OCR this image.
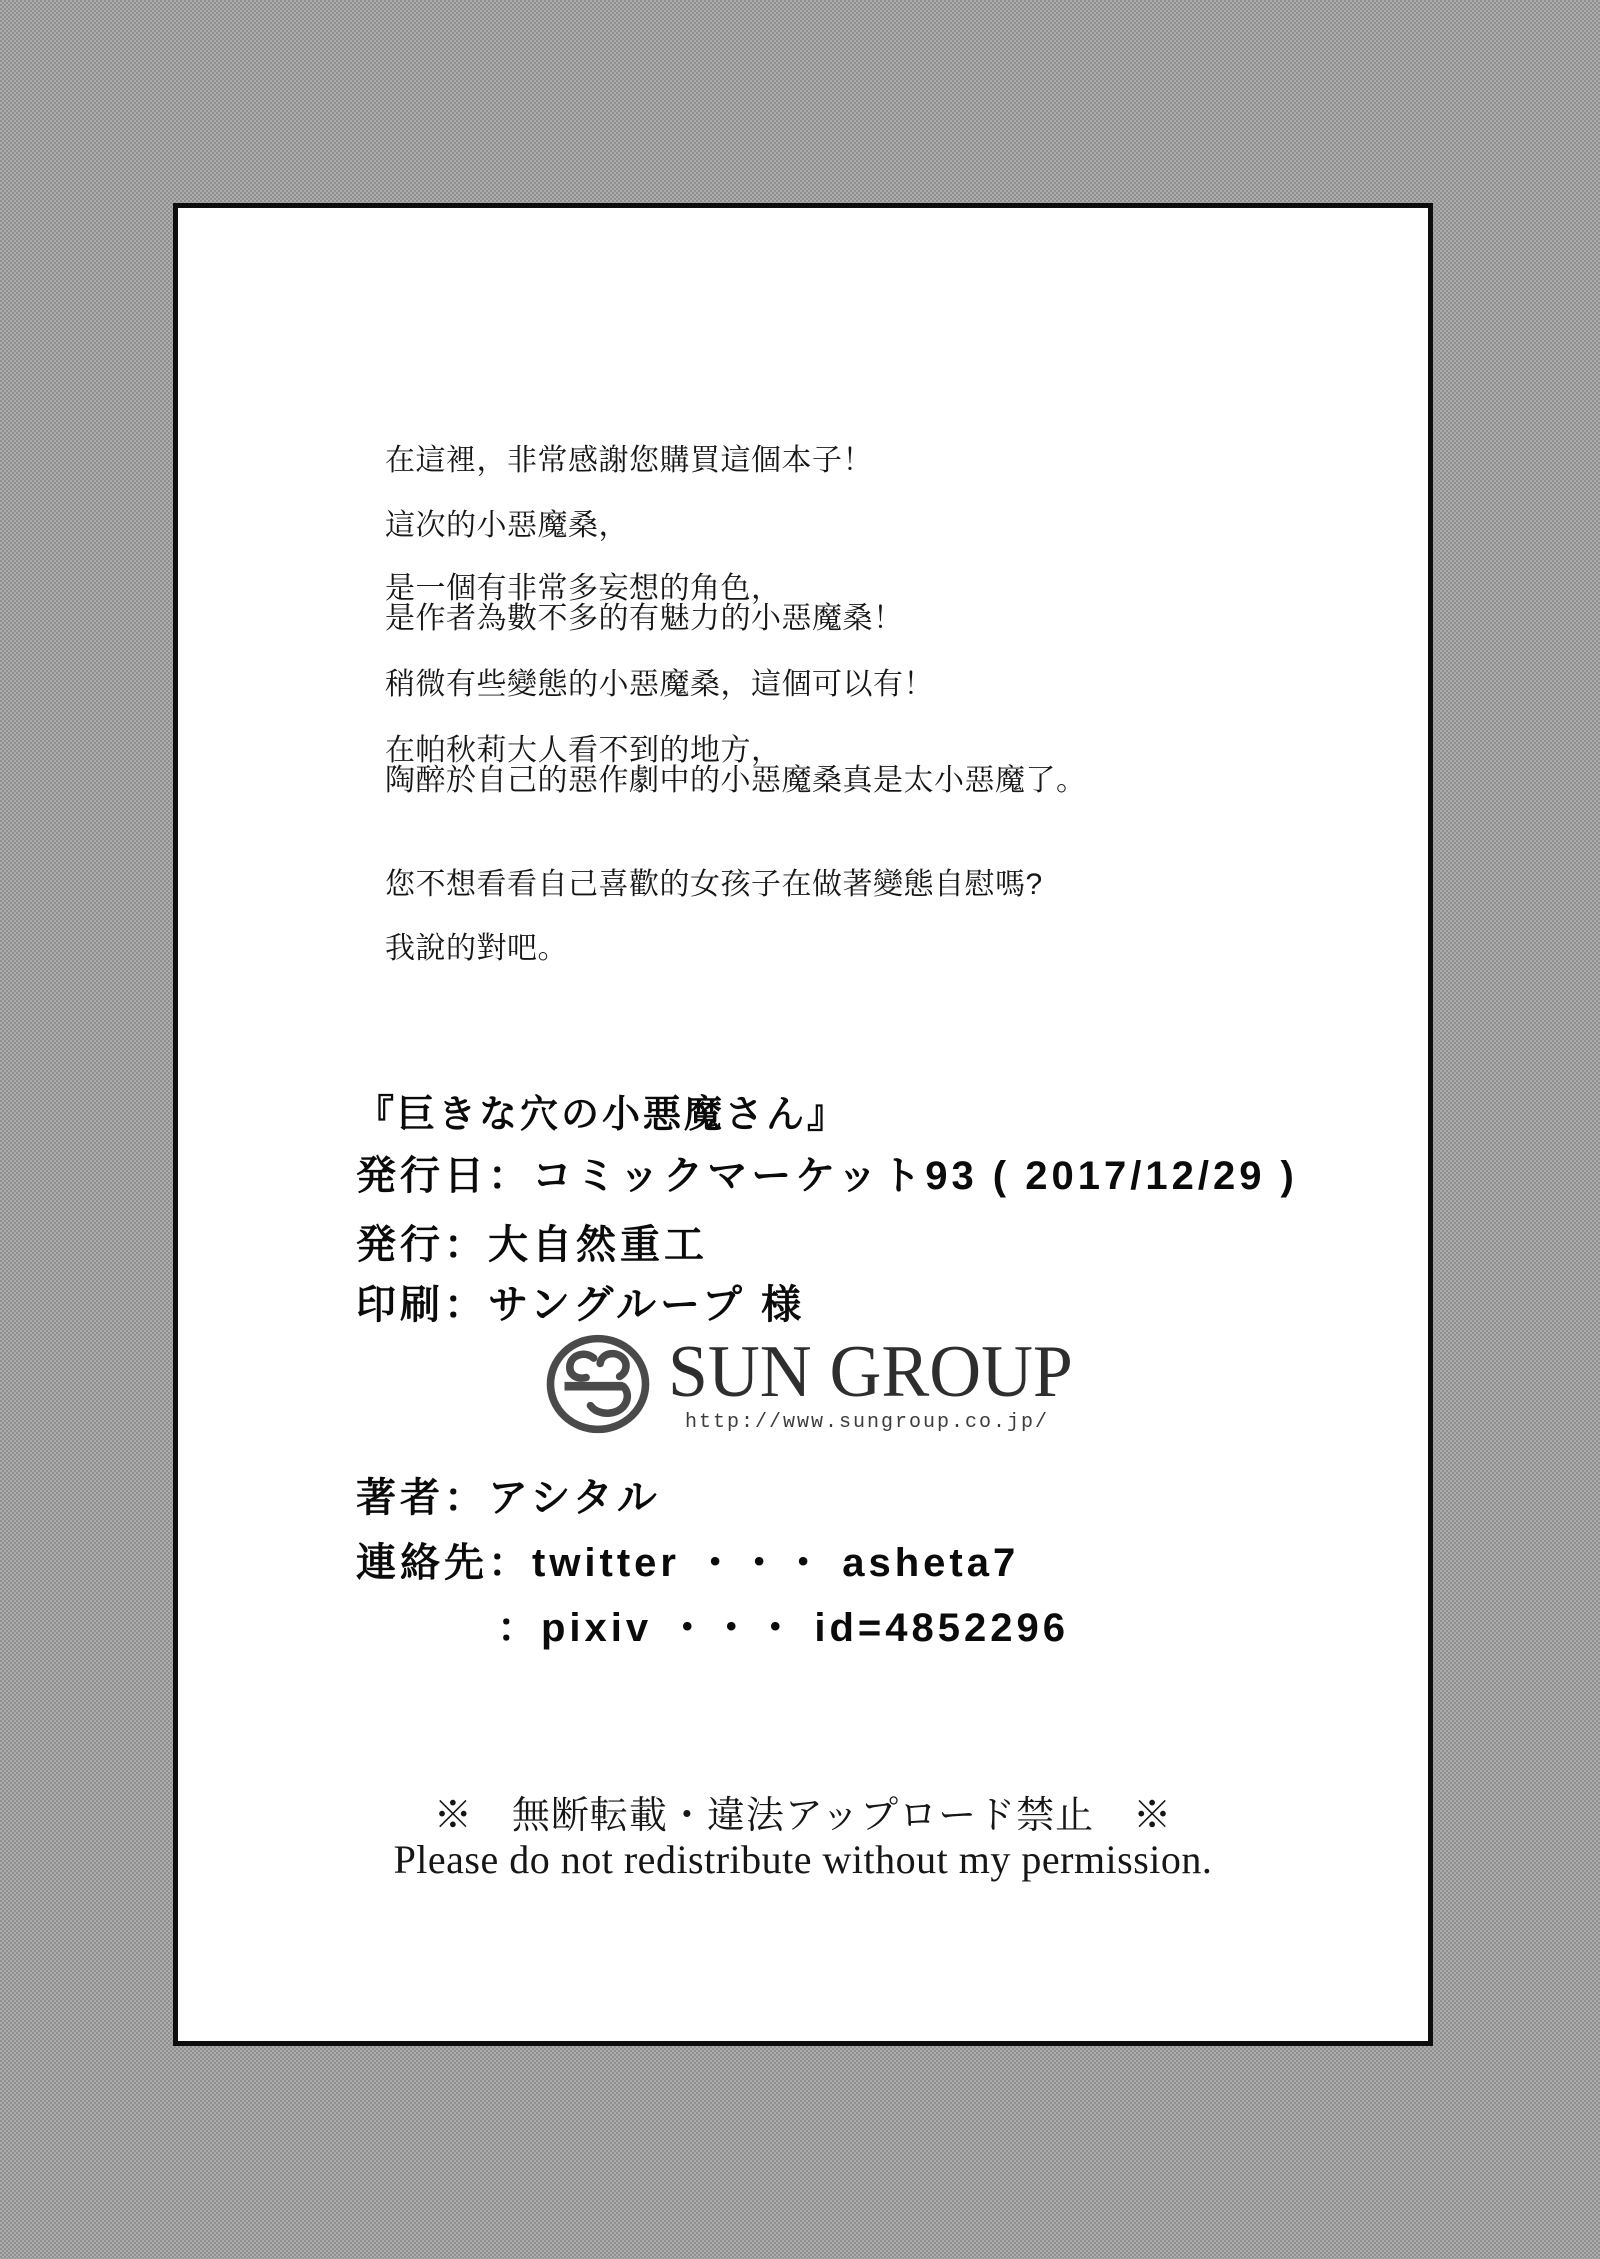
在這裡，非常感謝您購買這個本子！
這次的小惡魔桑，
是一個有非常多妄想的角色，
是作者為數不多的有魅力的小惡魔桑！
稍微有些變態的小惡魔桑，這個可以有！
在帕秋莉大人看不到的地方，
陶醉於自己的惡作劇中的小惡魔桑真是太小惡魔了。
您不想看看自己喜歡的女孩子在做著變態自慰嗎?
我說的對吧。
『巨きな穴の小悪魔さん』
発行日：コミックマーケット93 ( 2017/12/29 )
発行：大自然重工
印刷：サングループ 様
SUN GROUP
http://www.sungroup.co.jp/
著者：アシタル
連絡先：twitter ・・・ asheta7
：pixiv ・・・ id=4852296
※　無断転載・違法アップロード禁止　※
Please do not redistribute without my permission.
